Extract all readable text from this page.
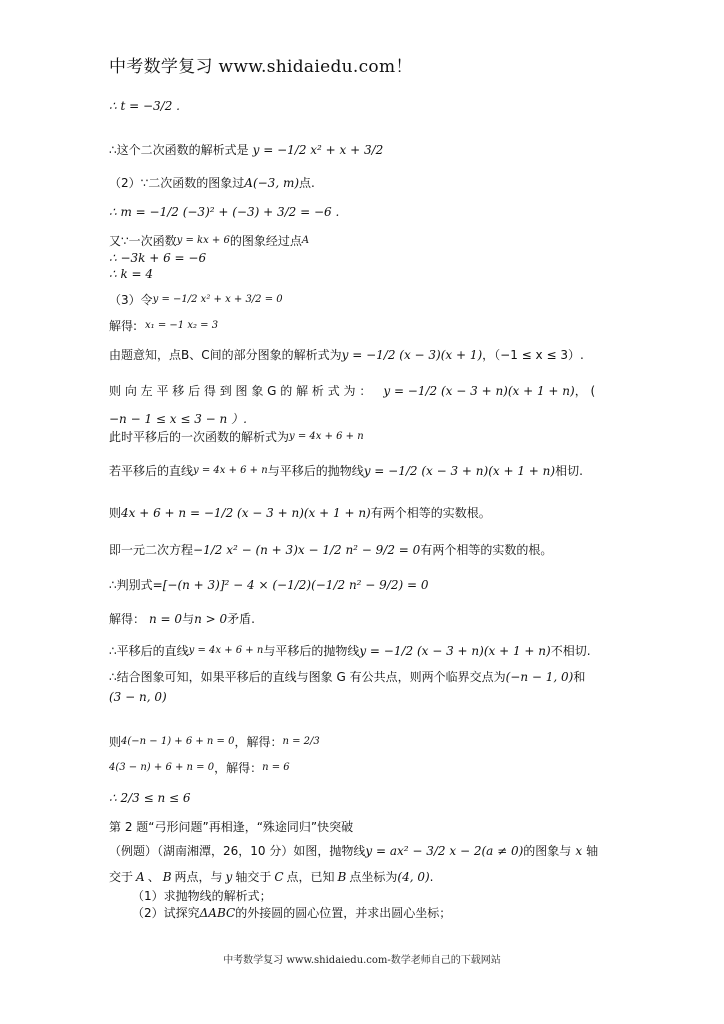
中考数学复习 www.shidaiedu.com！
∴ t = −3/2 .
∴这个二次函数的解析式是 y = −1/2 x² + x + 3/2
（2）∵二次函数的图象过 A(−3, m) 点.
∴ m = −1/2 (−3)² + (−3) + 3/2 = −6 .
又∵一次函数 y = kx + 6 的图象经过点 A
∴ −3k + 6 = −6
∴ k = 4
（3）令 y = −1/2 x² + x + 3/2 = 0
解得: x₁ = −1 x₂ = 3
由题意知，点B、C间的部分图象的解析式为 y = −1/2 (x − 3)(x + 1) ，（−1 ≤ x ≤ 3）.
则 向 左 平 移 后 得 到 图 象 G 的 解 析 式 为 ： y = −1/2 (x − 3 + n)(x + 1 + n) ， (
−n − 1 ≤ x ≤ 3 − n ）.
此时平移后的一次函数的解析式为 y = 4x + 6 + n
若平移后的直线 y = 4x + 6 + n 与平移后的抛物线 y = −1/2 (x − 3 + n)(x + 1 + n) 相切.
则 4x + 6 + n = −1/2 (x − 3 + n)(x + 1 + n) 有两个相等的实数根。
即一元二次方程 −1/2 x² − (n + 3)x − 1/2 n² − 9/2 = 0 有两个相等的实数的根。
∴判别式= [−(n + 3)]² − 4 × (−1/2)(−1/2 n² − 9/2) = 0
解得： n = 0 与 n > 0 矛盾.
∴平移后的直线 y = 4x + 6 + n 与平移后的抛物线 y = −1/2 (x − 3 + n)(x + 1 + n) 不相切.
∴结合图象可知，如果平移后的直线与图象 G 有公共点，则两个临界交点为 (−n − 1, 0) 和
(3 − n, 0)
则 4(−n − 1) + 6 + n = 0 ，解得： n = 2/3
4(3 − n) + 6 + n = 0 ，解得： n = 6
∴ 2/3 ≤ n ≤ 6
第 2 题“弓形问题”再相逢，“殊途同归”快突破
（例题）（湖南湘潭，26，10 分）如图，抛物线 y = ax² − 3/2 x − 2(a ≠ 0) 的图象与 x 轴
交于 A 、 B 两点，与 y 轴交于 C 点，已知 B 点坐标为 (4, 0) .
（1）求抛物线的解析式；
（2）试探究 ΔABC 的外接圆的圆心位置，并求出圆心坐标；
中考数学复习 www.shidaiedu.com-数学老师自己的下载网站
